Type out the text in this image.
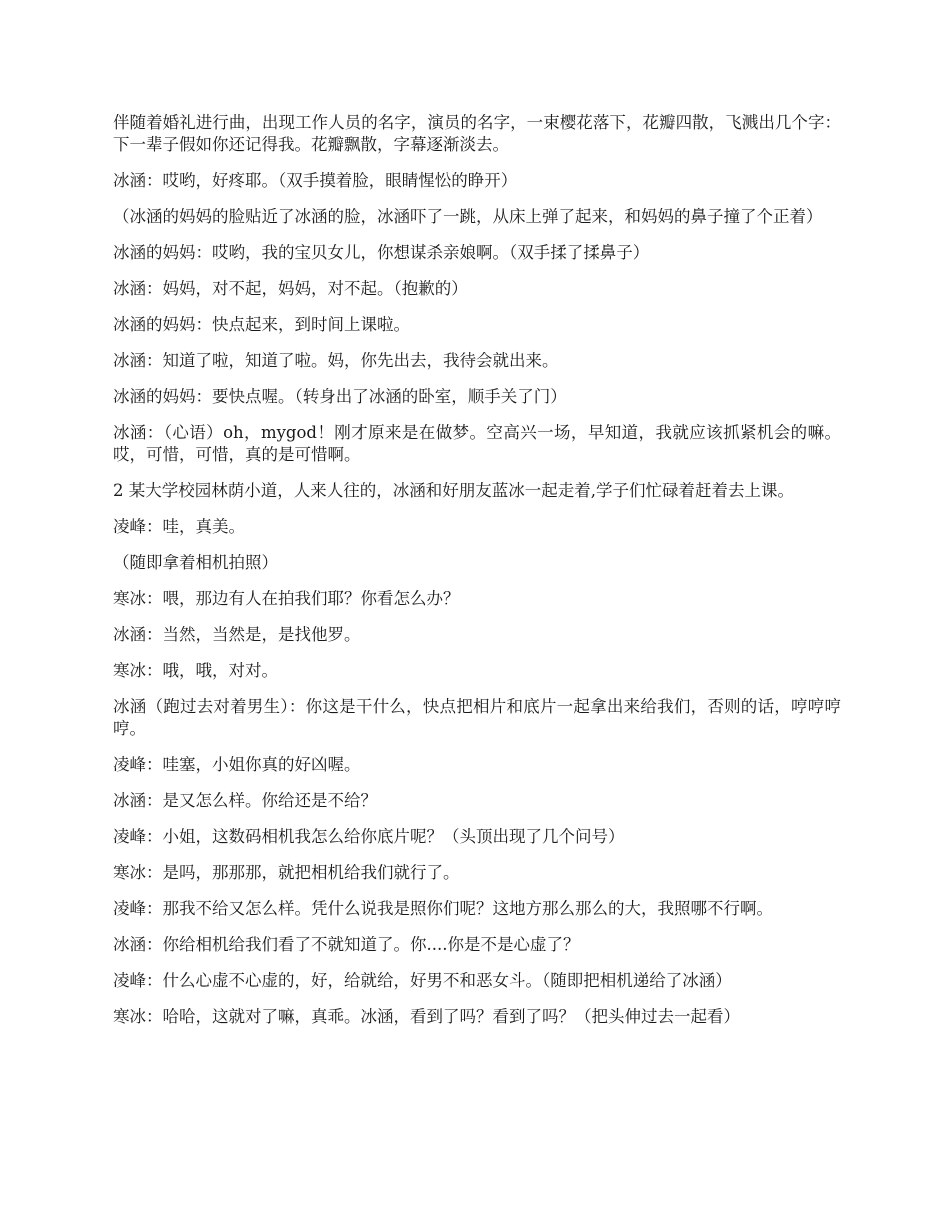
伴随着婚礼进行曲，出现工作人员的名字，演员的名字，一束樱花落下，花瓣四散，飞溅出几个字：下一辈子假如你还记得我。花瓣飘散，字幕逐渐淡去。

冰涵：哎哟，好疼耶。（双手摸着脸，眼睛惺忪的睁开）

（冰涵的妈妈的脸贴近了冰涵的脸，冰涵吓了一跳，从床上弹了起来，和妈妈的鼻子撞了个正着）

冰涵的妈妈：哎哟，我的宝贝女儿，你想谋杀亲娘啊。（双手揉了揉鼻子）

冰涵：妈妈，对不起，妈妈，对不起。（抱歉的）

冰涵的妈妈：快点起来，到时间上课啦。

冰涵：知道了啦，知道了啦。妈，你先出去，我待会就出来。

冰涵的妈妈：要快点喔。（转身出了冰涵的卧室，顺手关了门）

冰涵：（心语）oh，mygod！刚才原来是在做梦。空高兴一场，早知道，我就应该抓紧机会的嘛。哎，可惜，可惜，真的是可惜啊。

2 某大学校园林荫小道，人来人往的，冰涵和好朋友蓝冰一起走着,学子们忙碌着赶着去上课。

凌峰：哇，真美。

（随即拿着相机拍照）

寒冰：喂，那边有人在拍我们耶？你看怎么办？

冰涵：当然，当然是，是找他罗。

寒冰：哦，哦，对对。

冰涵（跑过去对着男生）：你这是干什么，快点把相片和底片一起拿出来给我们，否则的话，哼哼哼哼。

凌峰：哇塞，小姐你真的好凶喔。

冰涵：是又怎么样。你给还是不给？

凌峰：小姐，这数码相机我怎么给你底片呢？（头顶出现了几个问号）

寒冰：是吗，那那那，就把相机给我们就行了。

凌峰：那我不给又怎么样。凭什么说我是照你们呢？这地方那么那么的大，我照哪不行啊。

冰涵：你给相机给我们看了不就知道了。你....你是不是心虚了？

凌峰：什么心虚不心虚的，好，给就给，好男不和恶女斗。（随即把相机递给了冰涵）

寒冰：哈哈，这就对了嘛，真乖。冰涵，看到了吗？看到了吗？（把头伸过去一起看）
